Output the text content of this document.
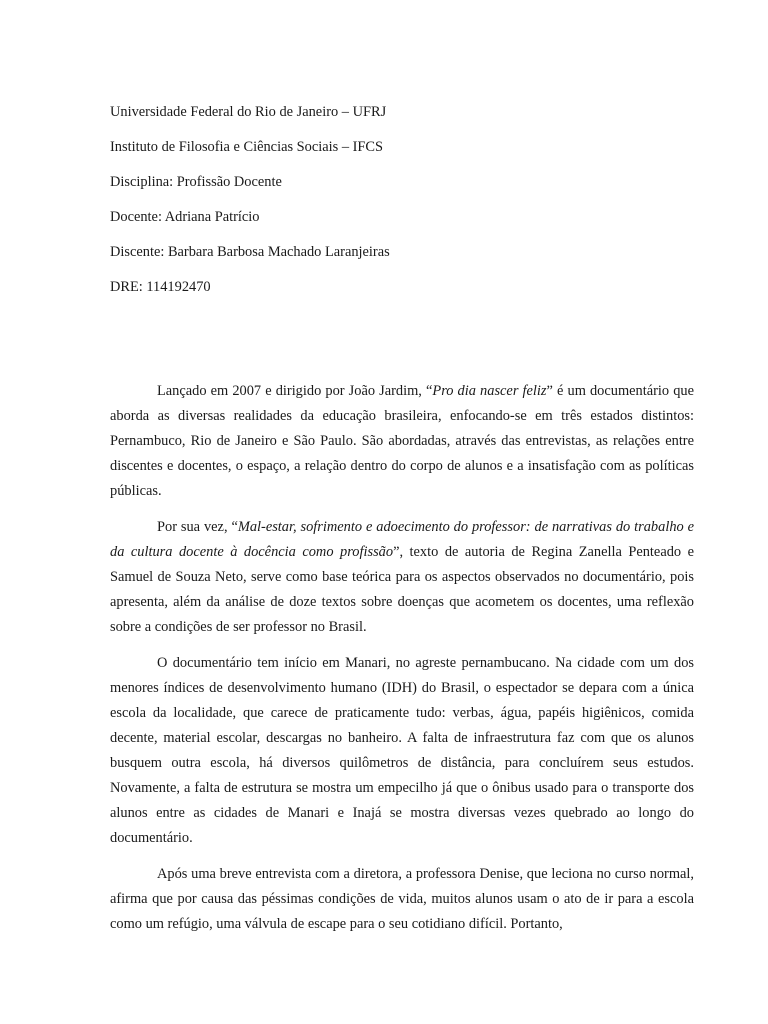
Universidade Federal do Rio de Janeiro – UFRJ
Instituto de Filosofia e Ciências Sociais – IFCS
Disciplina: Profissão Docente
Docente: Adriana Patrício
Discente: Barbara Barbosa Machado Laranjeiras
DRE: 114192470

Lançado em 2007 e dirigido por João Jardim, “Pro dia nascer feliz” é um documentário que aborda as diversas realidades da educação brasileira, enfocando-se em três estados distintos: Pernambuco, Rio de Janeiro e São Paulo. São abordadas, através das entrevistas, as relações entre discentes e docentes, o espaço, a relação dentro do corpo de alunos e a insatisfação com as políticas públicas.

Por sua vez, “Mal-estar, sofrimento e adoecimento do professor: de narrativas do trabalho e da cultura docente à docência como profissão”, texto de autoria de Regina Zanella Penteado e Samuel de Souza Neto, serve como base teórica para os aspectos observados no documentário, pois apresenta, além da análise de doze textos sobre doenças que acometem os docentes, uma reflexão sobre a condições de ser professor no Brasil.

O documentário tem início em Manari, no agreste pernambucano. Na cidade com um dos menores índices de desenvolvimento humano (IDH) do Brasil, o espectador se depara com a única escola da localidade, que carece de praticamente tudo: verbas, água, papéis higiênicos, comida decente, material escolar, descargas no banheiro. A falta de infraestrutura faz com que os alunos busquem outra escola, há diversos quilômetros de distância, para concluírem seus estudos. Novamente, a falta de estrutura se mostra um empecilho já que o ônibus usado para o transporte dos alunos entre as cidades de Manari e Inajá se mostra diversas vezes quebrado ao longo do documentário.

Após uma breve entrevista com a diretora, a professora Denise, que leciona no curso normal, afirma que por causa das péssimas condições de vida, muitos alunos usam o ato de ir para a escola como um refúgio, uma válvula de escape para o seu cotidiano difícil. Portanto,
